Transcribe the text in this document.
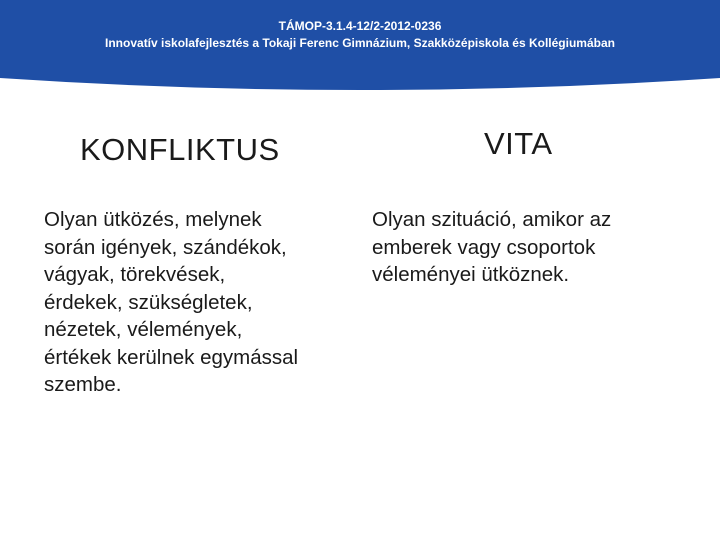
TÁMOP-3.1.4-12/2-2012-0236
Innovatív iskolafejlesztés a Tokaji Ferenc Gimnázium, Szakközépiskola és Kollégiumában
KONFLIKTUS
Olyan ütközés, melynek
során igények, szándékok,
vágyak, törekvések,
érdekek, szükségletek,
nézetek, vélemények,
értékek kerülnek egymással
szembe.
VITA
Olyan szituáció, amikor az
emberek vagy csoportok
véleményei ütköznek.
